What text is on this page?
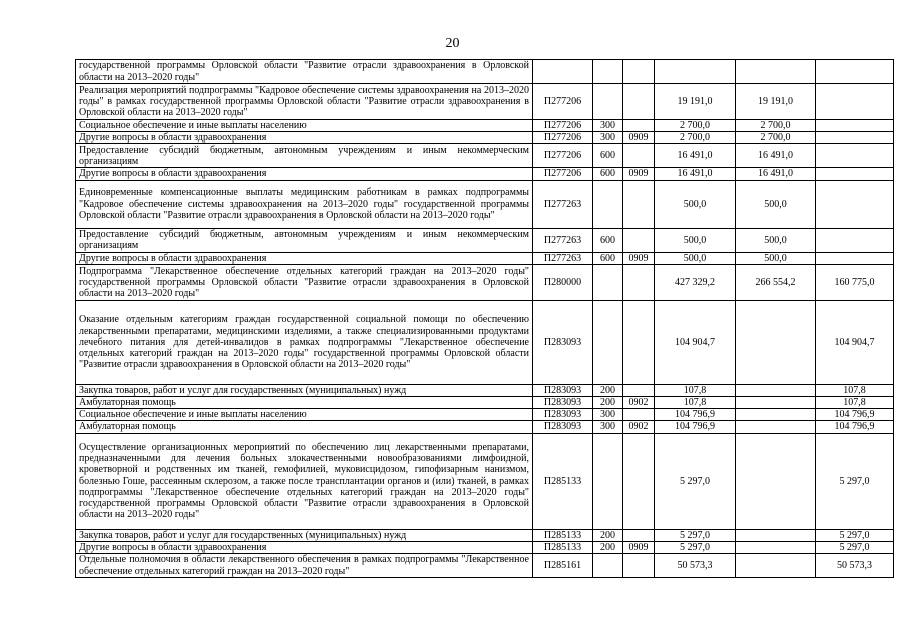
20
государственной программы Орловской области "Развитие отрасли здравоохранения в Орловской области на 2013–2020 годы"						
Реализация мероприятий подпрограммы "Кадровое обеспечение системы здравоохранения на 2013–2020 годы" в рамках государственной программы Орловской области "Развитие отрасли здравоохранения в Орловской области на 2013–2020 годы"	П277206			19 191,0	19 191,0	
Социальное обеспечение и иные выплаты населению	П277206	300		2 700,0	2 700,0	
Другие вопросы в области здравоохранения	П277206	300	0909	2 700,0	2 700,0	
Предоставление субсидий бюджетным, автономным учреждениям и иным некоммерческим организациям	П277206	600		16 491,0	16 491,0	
Другие вопросы в области здравоохранения	П277206	600	0909	16 491,0	16 491,0	
Единовременные компенсационные выплаты медицинским работникам в рамках подпрограммы "Кадровое обеспечение системы здравоохранения на 2013–2020 годы" государственной программы Орловской области "Развитие отрасли здравоохранения в Орловской области на 2013–2020 годы"	П277263			500,0	500,0	
Предоставление субсидий бюджетным, автономным учреждениям и иным некоммерческим организациям	П277263	600		500,0	500,0	
Другие вопросы в области здравоохранения	П277263	600	0909	500,0	500,0	
Подпрограмма "Лекарственное обеспечение отдельных категорий граждан на 2013–2020 годы" государственной программы Орловской области "Развитие отрасли здравоохранения в Орловской области на 2013–2020 годы"	П280000			427 329,2	266 554,2	160 775,0
Оказание отдельным категориям граждан государственной социальной помощи по обеспечению лекарственными препаратами, медицинскими изделиями, а также специализированными продуктами лечебного питания для детей-инвалидов в рамках подпрограммы "Лекарственное обеспечение отдельных категорий граждан на 2013–2020 годы" государственной программы Орловской области "Развитие отрасли здравоохранения в Орловской области на 2013–2020 годы"	П283093			104 904,7		104 904,7
Закупка товаров, работ и услуг для государственных (муниципальных) нужд	П283093	200		107,8		107,8
Амбулаторная помощь	П283093	200	0902	107,8		107,8
Социальное обеспечение и иные выплаты населению	П283093	300		104 796,9		104 796,9
Амбулаторная помощь	П283093	300	0902	104 796,9		104 796,9
Осуществление организационных мероприятий по обеспечению лиц лекарственными препаратами, предназначенными для лечения больных злокачественными новообразованиями лимфоидной, кроветворной и родственных им тканей, гемофилией, муковисцидозом, гипофизарным нанизмом, болезнью Гоше, рассеянным склерозом, а также после трансплантации органов и (или) тканей, в рамках подпрограммы "Лекарственное обеспечение отдельных категорий граждан на 2013–2020 годы" государственной программы Орловской области "Развитие отрасли здравоохранения в Орловской области на 2013–2020 годы"	П285133			5 297,0		5 297,0
Закупка товаров, работ и услуг для государственных (муниципальных) нужд	П285133	200		5 297,0		5 297,0
Другие вопросы в области здравоохранения	П285133	200	0909	5 297,0		5 297,0
Отдельные полномочия в области лекарственного обеспечения в рамках подпрограммы "Лекарственное обеспечение отдельных категорий граждан на 2013–2020 годы"	П285161			50 573,3		50 573,3
